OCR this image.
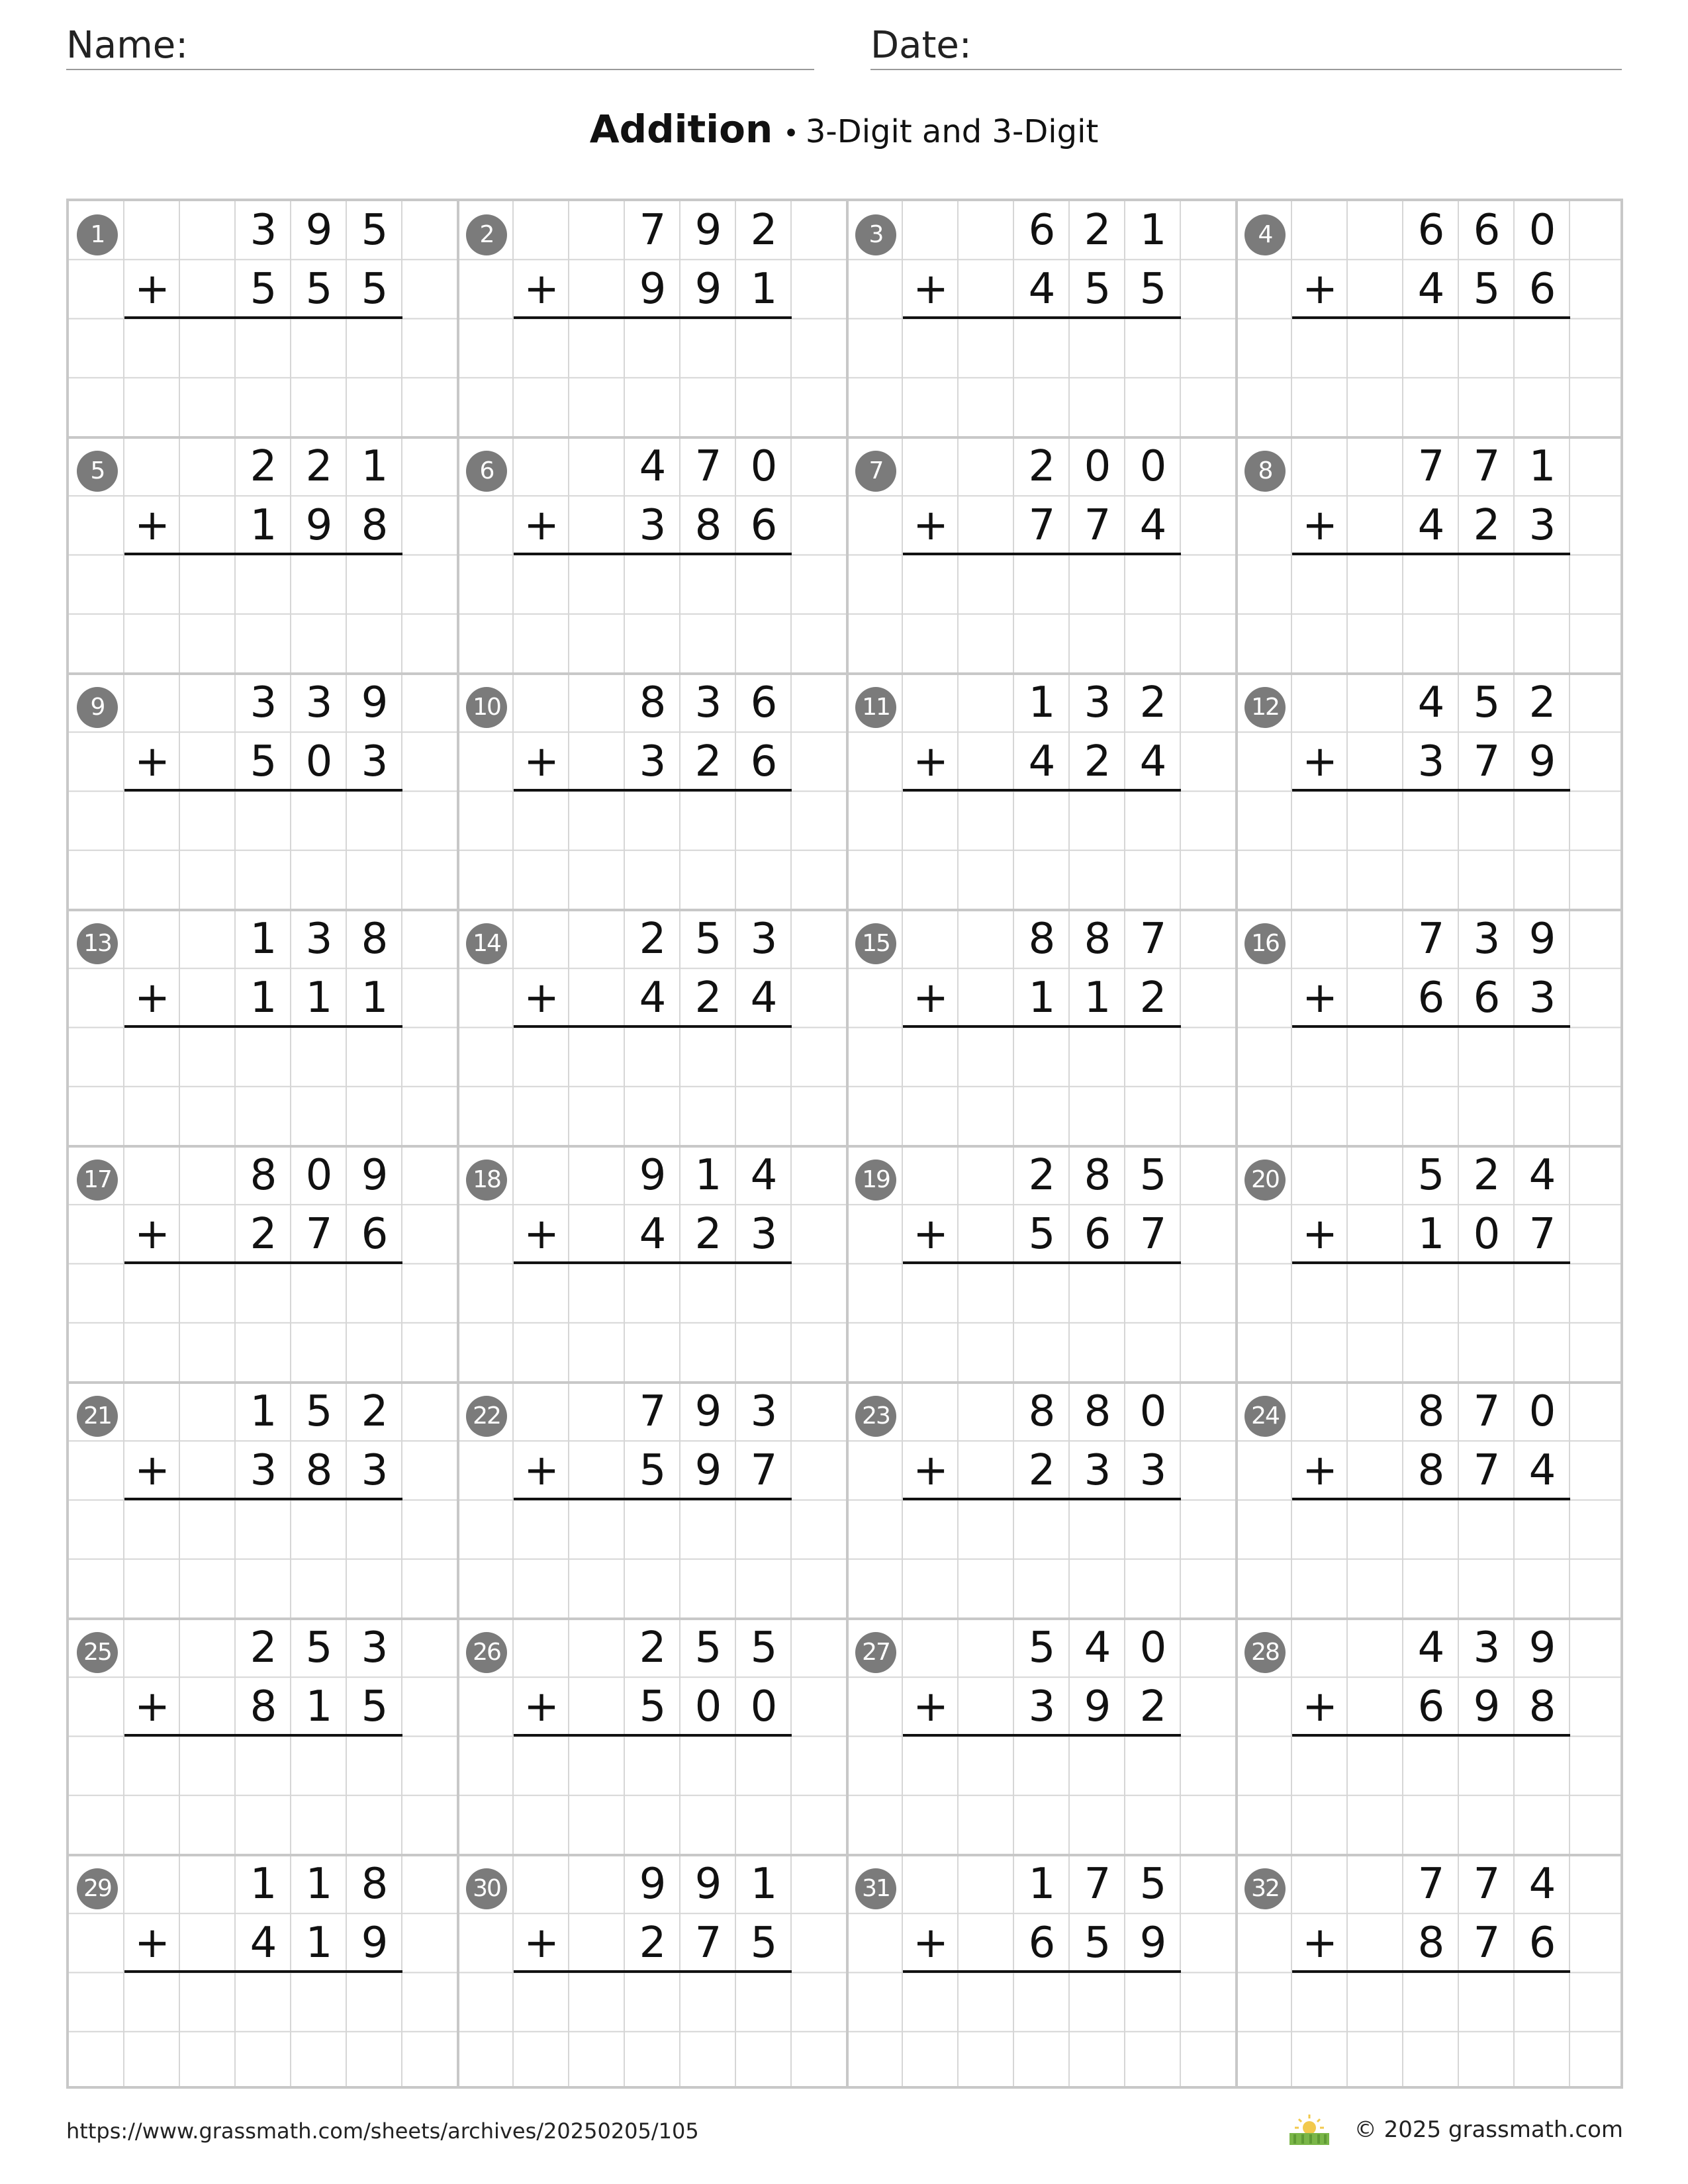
Name:	Date:
Addition • 3-Digit and 3-Digit
1	3 9 5
5 5 5
+
2	7 9 2
9 9 1
+
3	6 2 1
4 5 5
+
4	6 6 0
4 5 6
+
5	2 2 1
1 9 8
+
6	4 7 0
3 8 6
+
7	2 0 0
7 7 4
+
8	7 7 1
4 2 3
+
9	3 3 9
5 0 3
+
10	8 3 6
3 2 6
+
11	1 3 2
4 2 4
+
12	4 5 2
3 7 9
+
13	1 3 8
1 1 1
+
14	2 5 3
4 2 4
+
15	8 8 7
1 1 2
+
16	7 3 9
6 6 3
+
17	8 0 9
2 7 6
+
18	9 1 4
4 2 3
+
19	2 8 5
5 6 7
+
20	5 2 4
1 0 7
+
21	1 5 2
3 8 3
+
22	7 9 3
5 9 7
+
23	8 8 0
2 3 3
+
24	8 7 0
8 7 4
+
25	2 5 3
8 1 5
+
26	2 5 5
5 0 0
+
27	5 4 0
3 9 2
+
28	4 3 9
6 9 8
+
29	1 1 8
4 1 9
+
30	9 9 1
2 7 5
+
31	1 7 5
6 5 9
+
32	7 7 4
8 7 6
+
https://www.grassmath.com/sheets/archives/20250205/105	© 2025 grassmath.com
